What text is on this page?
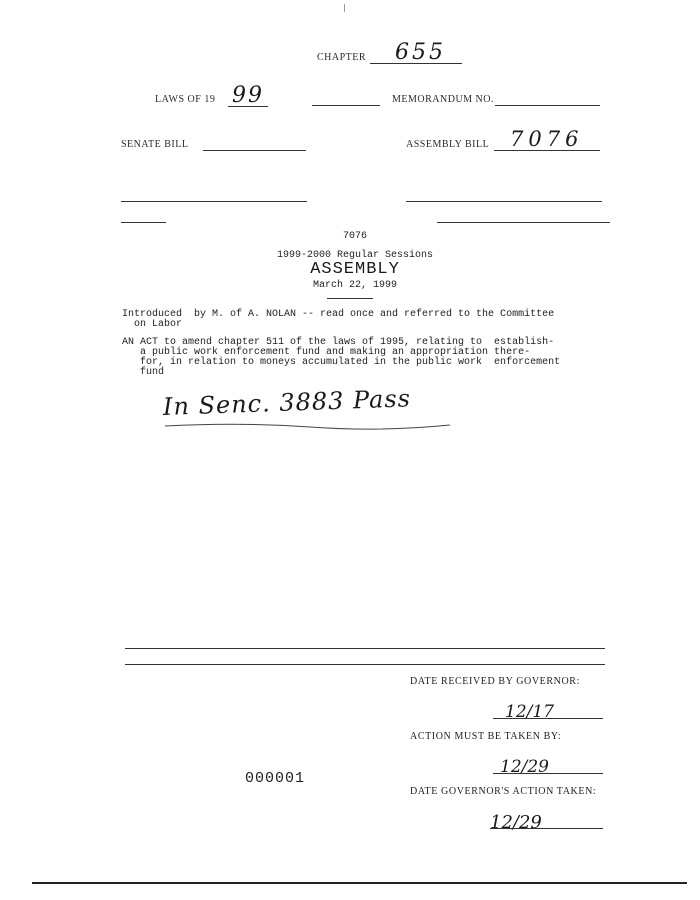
CHAPTER 655
LAWS OF 19 99	MEMORANDUM NO.
SENATE BILL	ASSEMBLY BILL 7076
7076
1999-2000 Regular Sessions
ASSEMBLY
March 22, 1999
Introduced  by M. of A. NOLAN -- read once and referred to the Committee
on Labor
AN ACT to amend chapter 511 of the laws of 1995, relating to  establish-
a public work enforcement fund and making an appropriation there-
for, in relation to moneys accumulated in the public work  enforcement
fund
In Senc. 3883 Pass
DATE RECEIVED BY GOVERNOR:
12/17
ACTION MUST BE TAKEN BY:
12/29
000001
DATE GOVERNOR'S ACTION TAKEN:
12/29
